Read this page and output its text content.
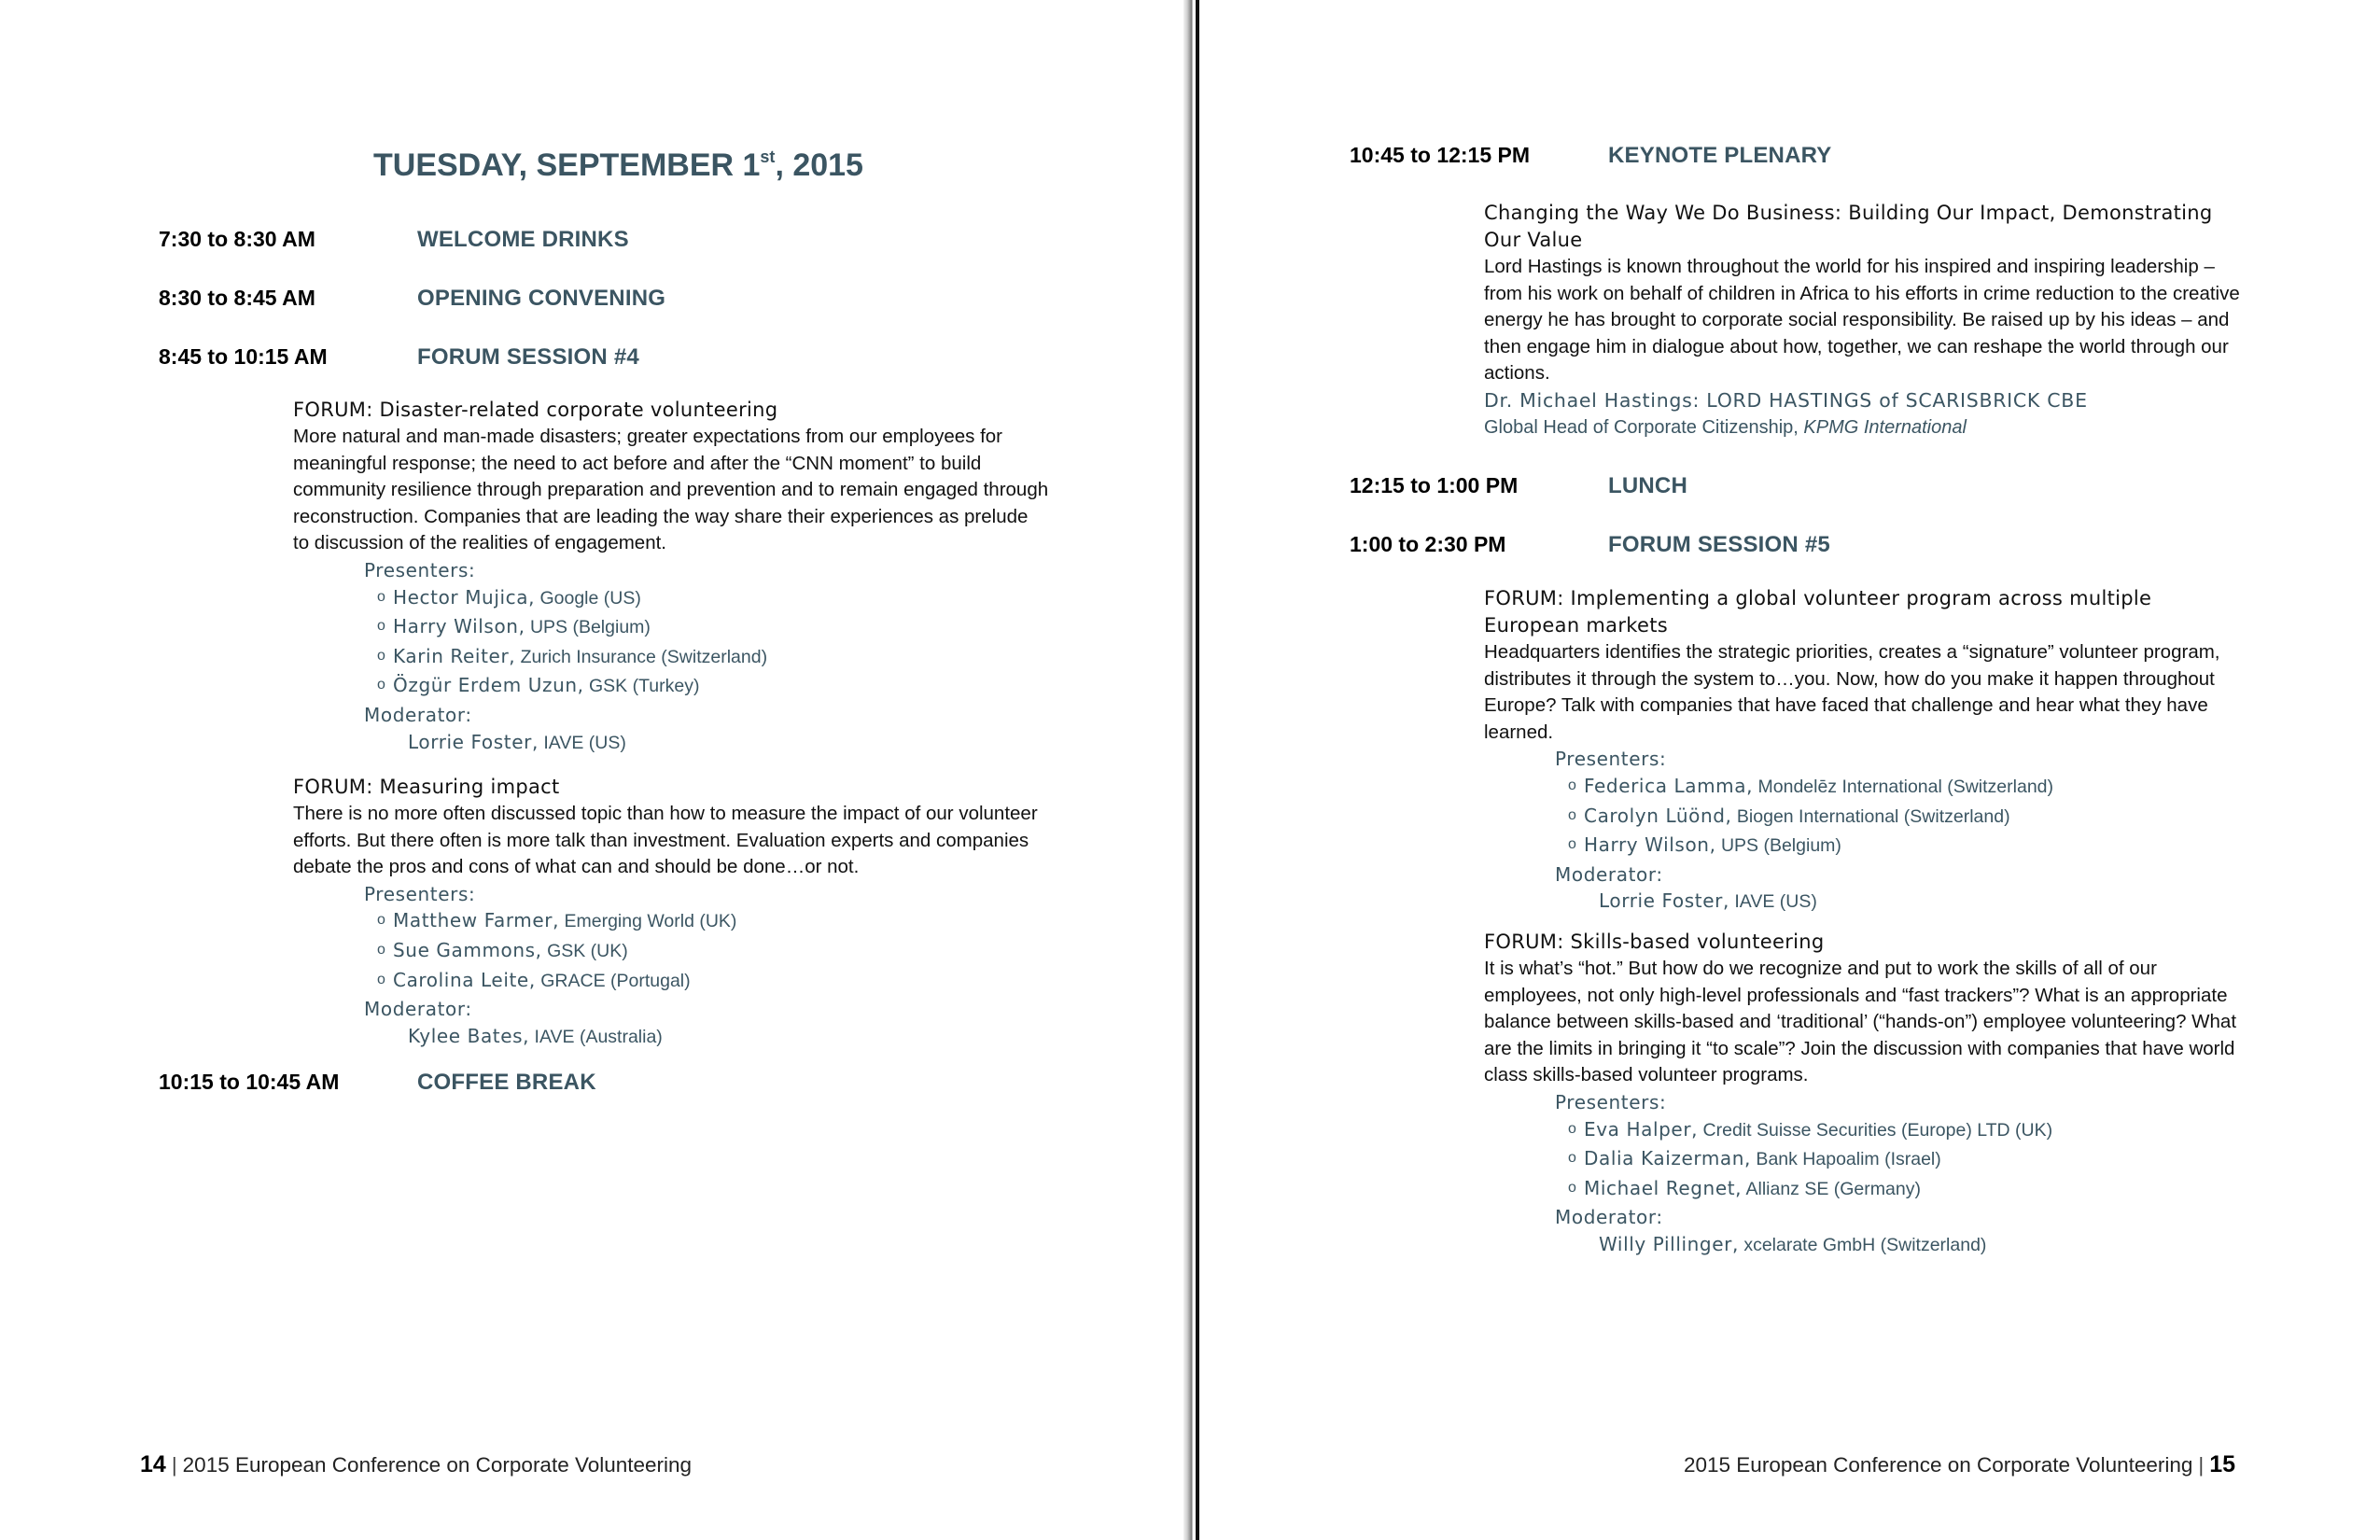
TUESDAY, SEPTEMBER 1st, 2015
7:30 to 8:30 AM	WELCOME DRINKS
8:30 to 8:45 AM	OPENING CONVENING
8:45 to 10:15 AM	FORUM SESSION #4
FORUM: Disaster-related corporate volunteering
More natural and man-made disasters; greater expectations from our employees for meaningful response; the need to act before and after the “CNN moment” to build community resilience through preparation and prevention and to remain engaged through reconstruction. Companies that are leading the way share their experiences as prelude to discussion of the realities of engagement.
Presenters:
o Hector Mujica, Google (US)
o Harry Wilson, UPS (Belgium)
o Karin Reiter, Zurich Insurance (Switzerland)
o Özgür Erdem Uzun, GSK (Turkey)
Moderator:
Lorrie Foster, IAVE (US)
FORUM: Measuring impact
There is no more often discussed topic than how to measure the impact of our volunteer efforts. But there often is more talk than investment. Evaluation experts and companies debate the pros and cons of what can and should be done…or not.
Presenters:
o Matthew Farmer, Emerging World (UK)
o Sue Gammons, GSK (UK)
o Carolina Leite, GRACE (Portugal)
Moderator:
Kylee Bates, IAVE (Australia)
10:15 to 10:45 AM	COFFEE BREAK
14 | 2015 European Conference on Corporate Volunteering
10:45 to 12:15 PM	KEYNOTE PLENARY
Changing the Way We Do Business: Building Our Impact, Demonstrating Our Value
Lord Hastings is known throughout the world for his inspired and inspiring leadership – from his work on behalf of children in Africa to his efforts in crime reduction to the creative energy he has brought to corporate social responsibility. Be raised up by his ideas – and then engage him in dialogue about how, together, we can reshape the world through our actions.
Dr. Michael Hastings: LORD HASTINGS of SCARISBRICK CBE
Global Head of Corporate Citizenship, KPMG International
12:15 to 1:00 PM	LUNCH
1:00 to 2:30 PM	FORUM SESSION #5
FORUM: Implementing a global volunteer program across multiple European markets
Headquarters identifies the strategic priorities, creates a “signature” volunteer program, distributes it through the system to…you. Now, how do you make it happen throughout Europe? Talk with companies that have faced that challenge and hear what they have learned.
Presenters:
o Federica Lamma, Mondelēz International (Switzerland)
o Carolyn Lüönd, Biogen International (Switzerland)
o Harry Wilson, UPS (Belgium)
Moderator:
Lorrie Foster, IAVE (US)
FORUM: Skills-based volunteering
It is what’s “hot.” But how do we recognize and put to work the skills of all of our employees, not only high-level professionals and “fast trackers”? What is an appropriate balance between skills-based and ‘traditional’ (“hands-on”) employee volunteering? What are the limits in bringing it “to scale”? Join the discussion with companies that have world class skills-based volunteer programs.
Presenters:
o Eva Halper, Credit Suisse Securities (Europe) LTD (UK)
o Dalia Kaizerman, Bank Hapoalim (Israel)
o Michael Regnet, Allianz SE (Germany)
Moderator:
Willy Pillinger, xcelarate GmbH (Switzerland)
2015 European Conference on Corporate Volunteering | 15
